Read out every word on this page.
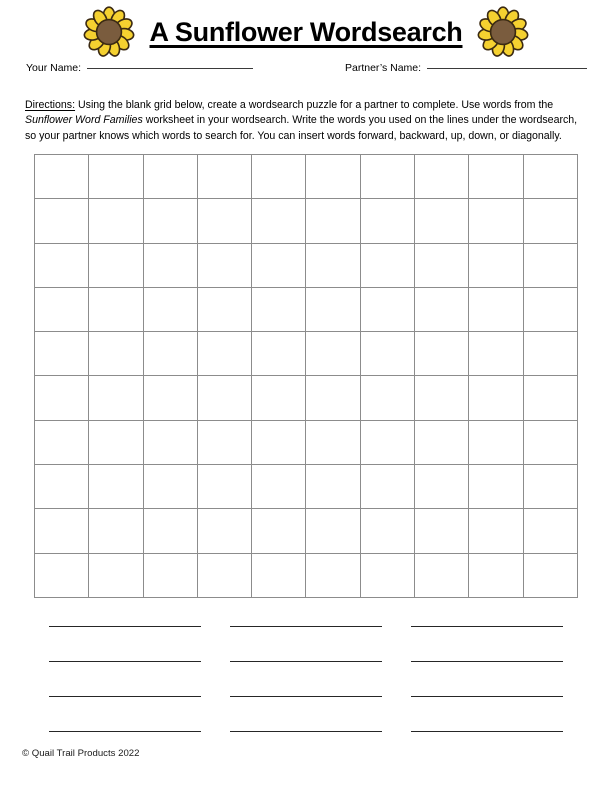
A Sunflower Wordsearch
Your Name:	Partner’s Name:

Directions: Using the blank grid below, create a wordsearch puzzle for a partner to complete. Use words from the Sunflower Word Families worksheet in your wordsearch. Write the words you used on the lines under the wordsearch, so your partner knows which words to search for. You can insert words forward, backward, up, down, or diagonally.

© Quail Trail Products 2022
